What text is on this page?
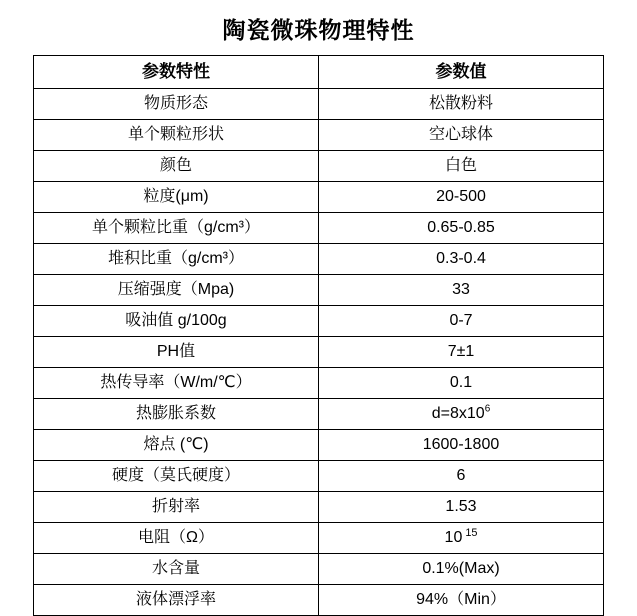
陶瓷微珠物理特性
参数特性	参数值
物质形态	松散粉料
单个颗粒形状	空心球体
颜色	白色
粒度(μm)	20-500
单个颗粒比重（g/cm³）	0.65-0.85
堆积比重（g/cm³）	0.3-0.4
压缩强度（Mpa)	33
吸油值 g/100g	0-7
PH值	7±1
热传导率（W/m/℃）	0.1
热膨胀系数	$d=8x10^6$
熔点 (℃)	1600-1800
硬度（莫氏硬度）	6
折射率	1.53
电阻（Ω）	10 $^{15}$
水含量	0.1%(Max)
液体漂浮率	94%（Min）
